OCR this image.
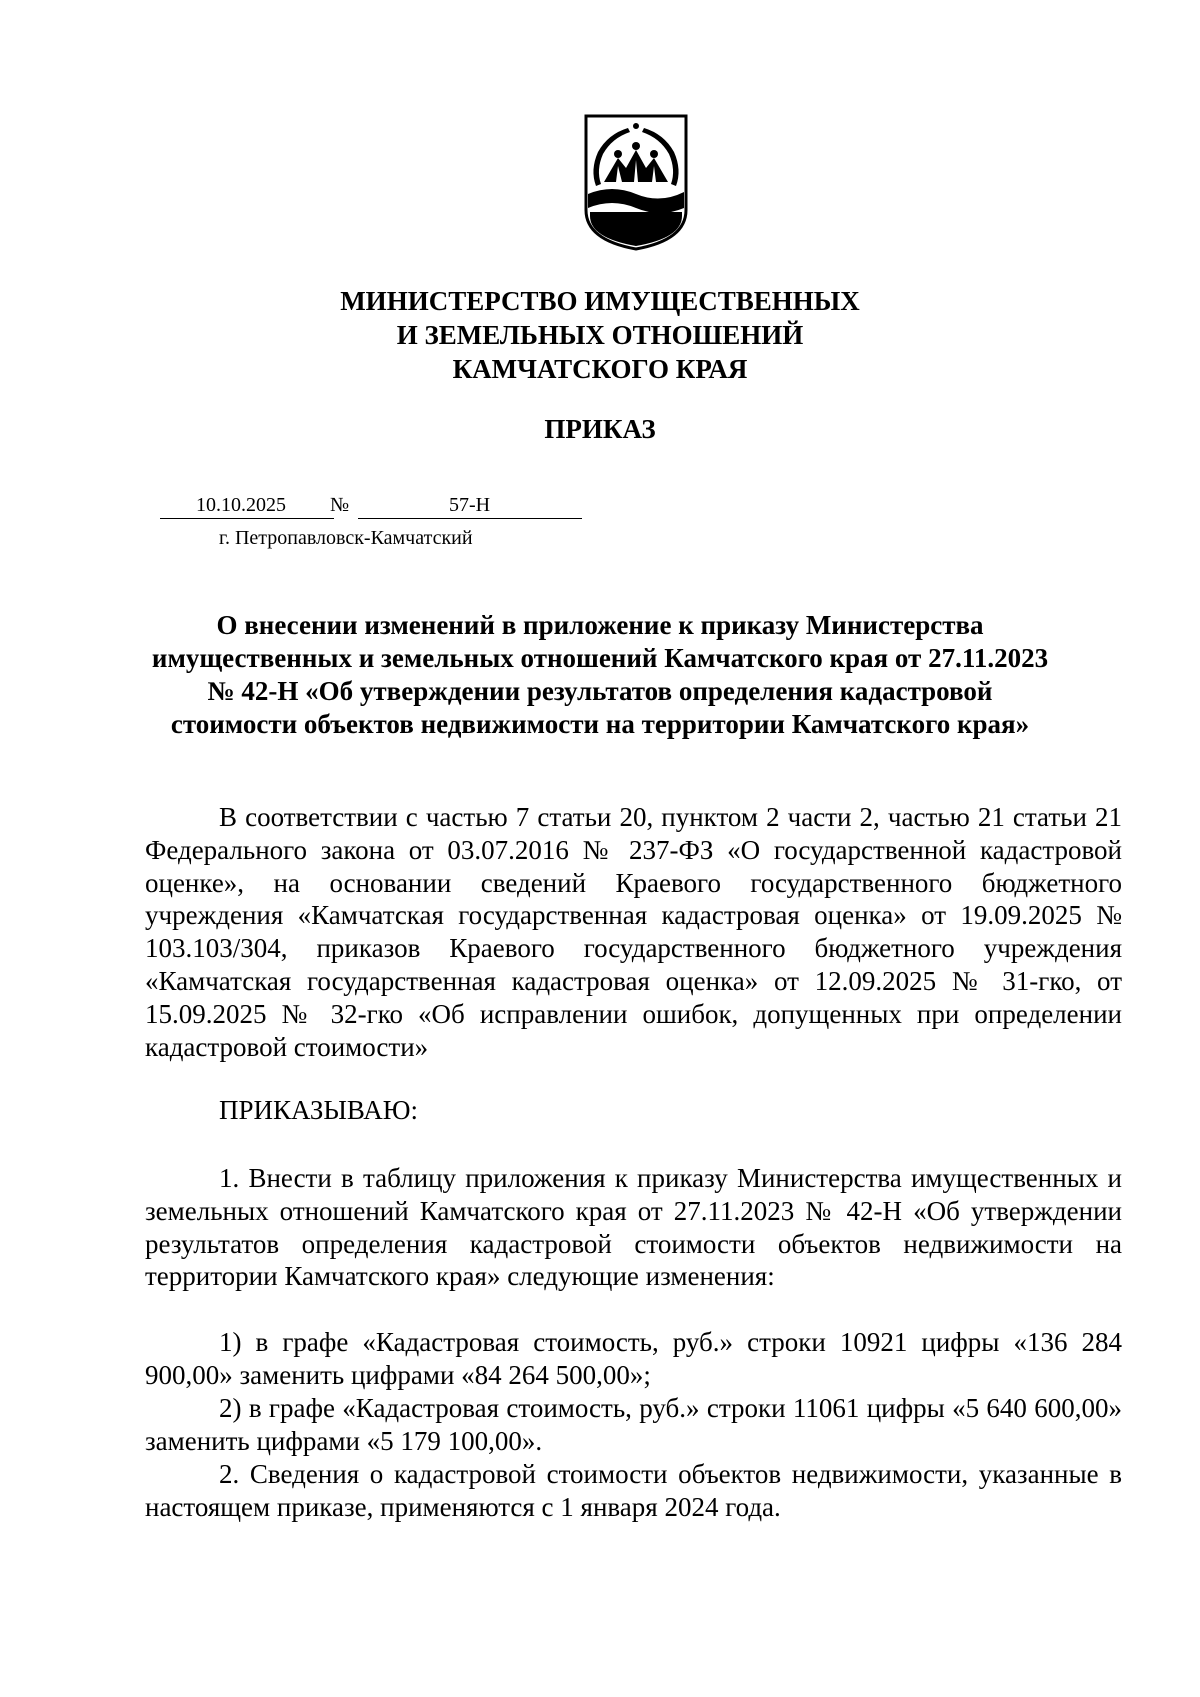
МИНИСТЕРСТВО ИМУЩЕСТВЕННЫХ
И ЗЕМЕЛЬНЫХ ОТНОШЕНИЙ
КАМЧАТСКОГО КРАЯ
ПРИКАЗ
10.10.2025 №	57-Н
г. Петропавловск-Камчатский
О внесении изменений в приложение к приказу Министерства
имущественных и земельных отношений Камчатского края от 27.11.2023
№ 42-Н «Об утверждении результатов определения кадастровой
стоимости объектов недвижимости на территории Камчатского края»
В соответствии с частью 7 статьи 20, пунктом 2 части 2, частью 21 статьи 21 Федерального закона от 03.07.2016 № 237-ФЗ «О государственной кадастровой оценке», на основании сведений Краевого государственного бюджетного учреждения «Камчатская государственная кадастровая оценка» от 19.09.2025 № 103.103/304, приказов Краевого государственного бюджетного учреждения «Камчатская государственная кадастровая оценка» от 12.09.2025 № 31-гко, от 15.09.2025 № 32-гко «Об исправлении ошибок, допущенных при определении кадастровой стоимости»
ПРИКАЗЫВАЮ:
1. Внести в таблицу приложения к приказу Министерства имущественных и земельных отношений Камчатского края от 27.11.2023 № 42-Н «Об утверждении результатов определения кадастровой стоимости объектов недвижимости на территории Камчатского края» следующие изменения:
1) в графе «Кадастровая стоимость, руб.» строки 10921 цифры «136 284 900,00» заменить цифрами «84 264 500,00»;
2) в графе «Кадастровая стоимость, руб.» строки 11061 цифры «5 640 600,00» заменить цифрами «5 179 100,00».
2. Сведения о кадастровой стоимости объектов недвижимости, указанные в настоящем приказе, применяются с 1 января 2024 года.
